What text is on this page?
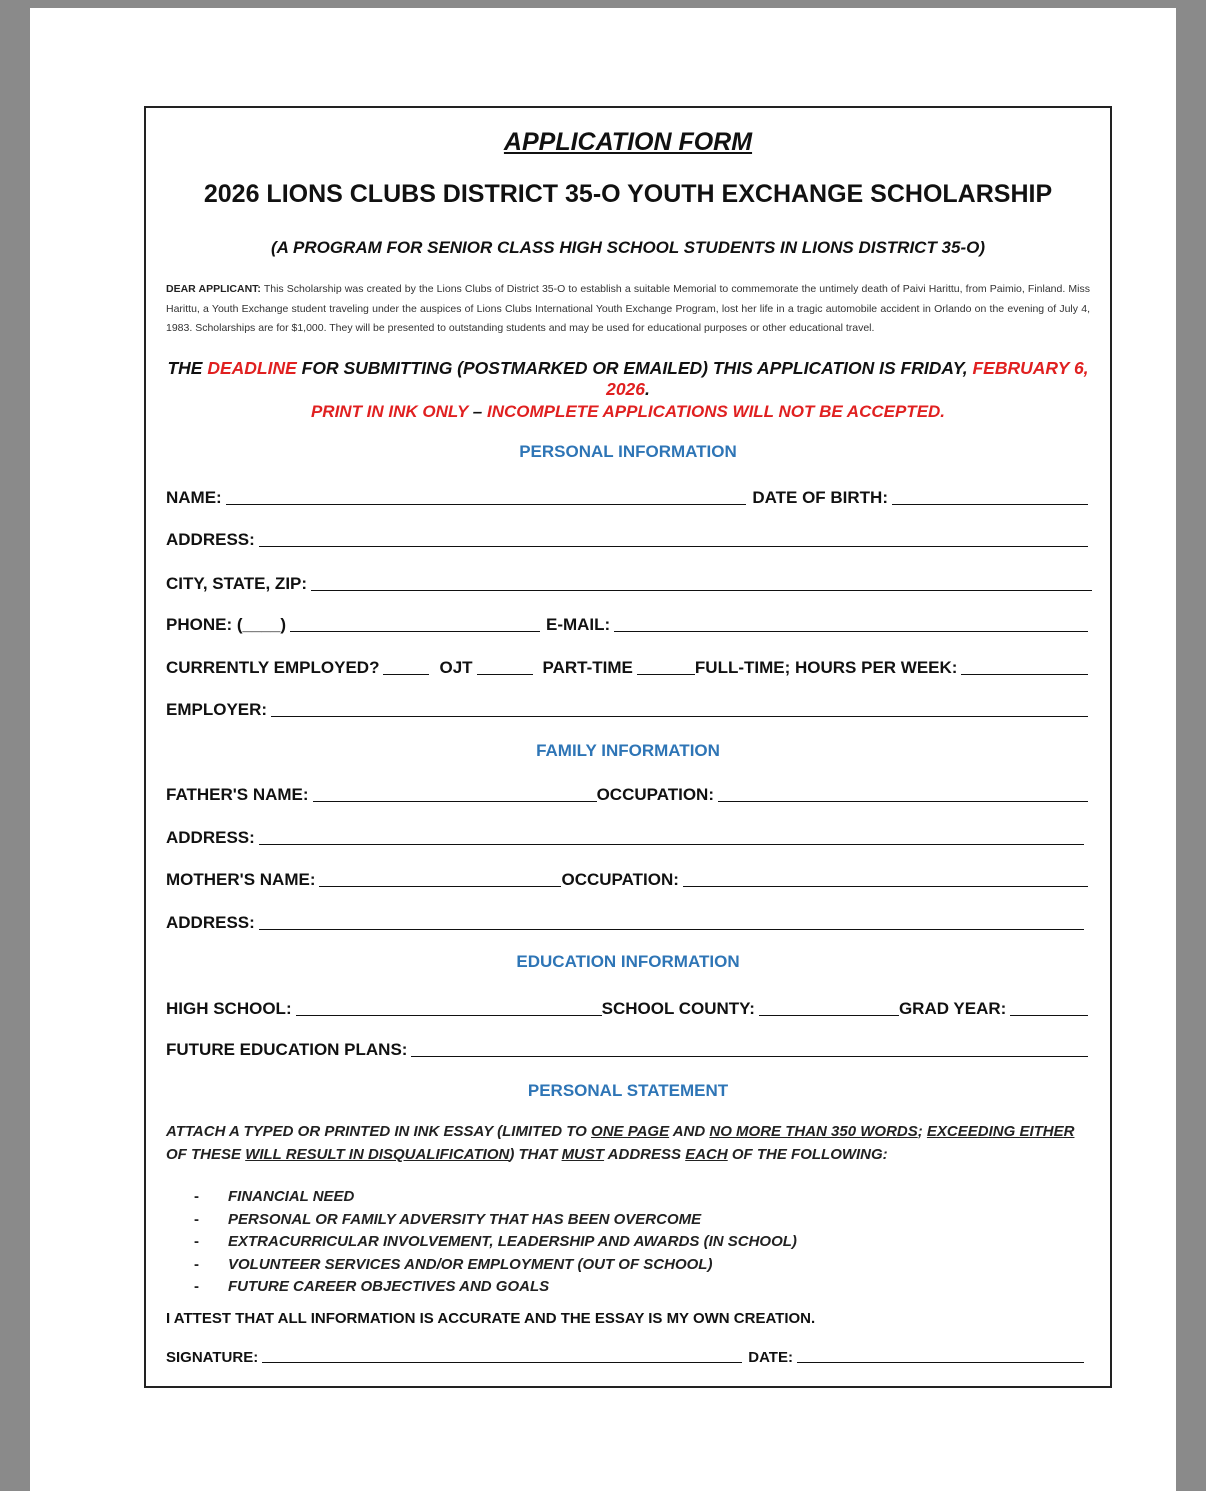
APPLICATION FORM
2026 LIONS CLUBS DISTRICT 35-O YOUTH EXCHANGE SCHOLARSHIP
(A PROGRAM FOR SENIOR CLASS HIGH SCHOOL STUDENTS IN LIONS DISTRICT 35-O)
DEAR APPLICANT: This Scholarship was created by the Lions Clubs of District 35-O to establish a suitable Memorial to commemorate the untimely death of Paivi Harittu, from Paimio, Finland. Miss Harittu, a Youth Exchange student traveling under the auspices of Lions Clubs International Youth Exchange Program, lost her life in a tragic automobile accident in Orlando on the evening of July 4, 1983. Scholarships are for $1,000. They will be presented to outstanding students and may be used for educational purposes or other educational travel.
THE DEADLINE FOR SUBMITTING (POSTMARKED OR EMAILED) THIS APPLICATION IS FRIDAY, FEBRUARY 6, 2026.
PRINT IN INK ONLY – INCOMPLETE APPLICATIONS WILL NOT BE ACCEPTED.
PERSONAL INFORMATION
NAME:	DATE OF BIRTH:
ADDRESS:
CITY, STATE, ZIP:
PHONE: (____)	E-MAIL:
CURRENTLY EMPLOYED?	OJT	PART-TIME	FULL-TIME; HOURS PER WEEK:
EMPLOYER:
FAMILY INFORMATION
FATHER'S NAME:	OCCUPATION:
ADDRESS:
MOTHER'S NAME:	OCCUPATION:
ADDRESS:
EDUCATION INFORMATION
HIGH SCHOOL:	SCHOOL COUNTY:	GRAD YEAR:
FUTURE EDUCATION PLANS:
PERSONAL STATEMENT
ATTACH A TYPED OR PRINTED IN INK ESSAY (LIMITED TO ONE PAGE AND NO MORE THAN 350 WORDS; EXCEEDING EITHER OF THESE WILL RESULT IN DISQUALIFICATION) THAT MUST ADDRESS EACH OF THE FOLLOWING:
-	FINANCIAL NEED
-	PERSONAL OR FAMILY ADVERSITY THAT HAS BEEN OVERCOME
-	EXTRACURRICULAR INVOLVEMENT, LEADERSHIP AND AWARDS (IN SCHOOL)
-	VOLUNTEER SERVICES AND/OR EMPLOYMENT (OUT OF SCHOOL)
-	FUTURE CAREER OBJECTIVES AND GOALS
I ATTEST THAT ALL INFORMATION IS ACCURATE AND THE ESSAY IS MY OWN CREATION.
SIGNATURE:	DATE:
